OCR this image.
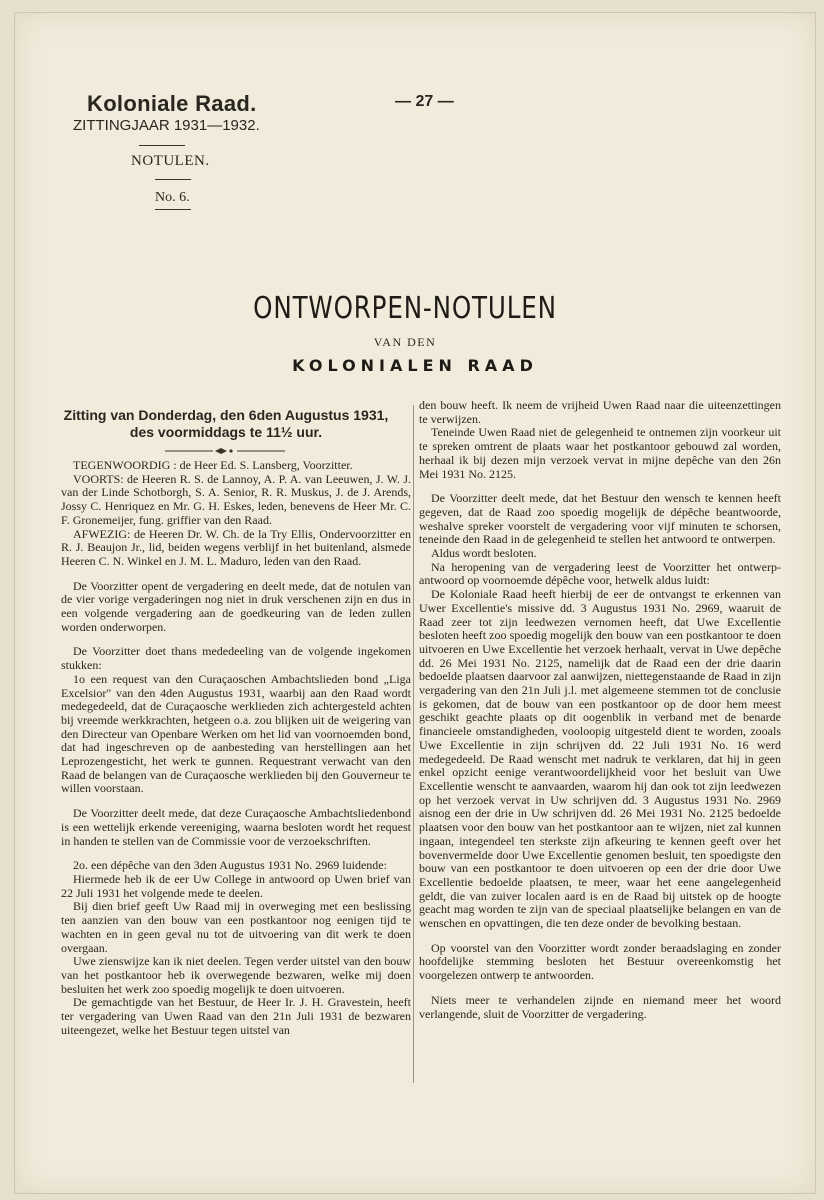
Koloniale Raad.
ZITTINGJAAR 1931—1932.
— 27 —
NOTULEN.
No. 6.
ONTWORPEN-NOTULEN
VAN DEN
KOLONIALEN RAAD
Zitting van Donderdag, den 6den Augustus 1931,
des voormiddags te 11½ uur.

TEGENWOORDIG : de Heer Ed. S. Lansberg, Voorzitter.

VOORTS: de Heeren R. S. de Lannoy, A. P. A. van Leeuwen, J. W. J. van der Linde Schotborgh, S. A. Senior, R. R. Muskus, J. de J. Arends, Jossy C. Henriquez en Mr. G. H. Eskes, leden, benevens de Heer Mr. C. F. Gronemeijer, fung. griffier van den Raad.

AFWEZIG: de Heeren Dr. W. Ch. de la Try Ellis, Ondervoorzitter en R. J. Beaujon Jr., lid, beiden wegens verblijf in het buitenland, alsmede Heeren C. N. Winkel en J. M. L. Maduro, leden van den Raad.

De Voorzitter opent de vergadering en deelt mede, dat de notulen van de vier vorige vergaderingen nog niet in druk verschenen zijn en dus in een volgende vergadering aan de goedkeuring van de leden zullen worden onderworpen.

De Voorzitter doet thans mededeeling van de volgende ingekomen stukken:

1o een request van den Curaçaoschen Ambachtslieden bond „Liga Excelsior" van den 4den Augustus 1931, waarbij aan den Raad wordt medegedeeld, dat de Curaçaosche werklieden zich achtergesteld achten bij vreemde werkkrachten, hetgeen o.a. zou blijken uit de weigering van den Directeur van Openbare Werken om het lid van voornoemden bond, dat had ingeschreven op de aanbesteding van herstellingen aan het Leprozengesticht, het werk te gunnen. Requestrant verwacht van den Raad de belangen van de Curaçaosche werklieden bij den Gouverneur te willen voorstaan.

De Voorzitter deelt mede, dat deze Curaçaosche Ambachtsliedenbond is een wettelijk erkende vereeniging, waarna besloten wordt het request in handen te stellen van de Commissie voor de verzoekschriften.

2o. een dépêche van den 3den Augustus 1931 No. 2969 luidende:

Hiermede heb ik de eer Uw College in antwoord op Uwen brief van 22 Juli 1931 het volgende mede te deelen.

Bij dien brief geeft Uw Raad mij in overweging met een beslissing ten aanzien van den bouw van een postkantoor nog eenigen tijd te wachten en in geen geval nu tot de uitvoering van dit werk te doen overgaan.

Uwe zienswijze kan ik niet deelen. Tegen verder uitstel van den bouw van het postkantoor heb ik overwegende bezwaren, welke mij doen besluiten het werk zoo spoedig mogelijk te doen uitvoeren.

De gemachtigde van het Bestuur, de Heer Ir. J. H. Gravestein, heeft ter vergadering van Uwen Raad van den 21n Juli 1931 de bezwaren uiteengezet, welke het Bestuur tegen uitstel van

den bouw heeft. Ik neem de vrijheid Uwen Raad naar die uiteenzettingen te verwijzen.

Teneinde Uwen Raad niet de gelegenheid te ontnemen zijn voorkeur uit te spreken omtrent de plaats waar het postkantoor gebouwd zal worden, herhaal ik bij dezen mijn verzoek vervat in mijne depêche van den 26n Mei 1931 No. 2125.

De Voorzitter deelt mede, dat het Bestuur den wensch te kennen heeft gegeven, dat de Raad zoo spoedig mogelijk de dépêche beantwoorde, weshalve spreker voorstelt de vergadering voor vijf minuten te schorsen, teneinde den Raad in de gelegenheid te stellen het antwoord te ontwerpen.

Aldus wordt besloten.

Na heropening van de vergadering leest de Voorzitter het ontwerp-antwoord op voornoemde dépêche voor, hetwelk aldus luidt:

De Koloniale Raad heeft hierbij de eer de ontvangst te erkennen van Uwer Excellentie's missive dd. 3 Augustus 1931 No. 2969, waaruit de Raad zeer tot zijn leedwezen vernomen heeft, dat Uwe Excellentie besloten heeft zoo spoedig mogelijk den bouw van een postkantoor te doen uitvoeren en Uwe Excellentie het verzoek herhaalt, vervat in Uwe depêche dd. 26 Mei 1931 No. 2125, namelijk dat de Raad een der drie daarin bedoelde plaatsen daarvoor zal aanwijzen, niettegenstaande de Raad in zijn vergadering van den 21n Juli j.l. met algemeene stemmen tot de conclusie is gekomen, dat de bouw van een postkantoor op de door hem meest geschikt geachte plaats op dit oogenblik in verband met de benarde financieele omstandigheden, vooloopig uitgesteld dient te worden, zooals Uwe Excellentie in zijn schrijven dd. 22 Juli 1931 No. 16 werd medegedeeld. De Raad wenscht met nadruk te verklaren, dat hij in geen enkel opzicht eenige verantwoordelijkheid voor het besluit van Uwe Excellentie wenscht te aanvaarden, waarom hij dan ook tot zijn leedwezen op het verzoek vervat in Uw schrijven dd. 3 Augustus 1931 No. 2969 aisnog een der drie in Uw schrijven dd. 26 Mei 1931 No. 2125 bedoelde plaatsen voor den bouw van het postkantoor aan te wijzen, niet zal kunnen ingaan, integendeel ten sterkste zijn afkeuring te kennen geeft over het bovenvermelde door Uwe Excellentie genomen besluit, ten spoedigste den bouw van een postkantoor te doen uitvoeren op een der drie door Uwe Excellentie bedoelde plaatsen, te meer, waar het eene aangelegenheid geldt, die van zuiver localen aard is en de Raad bij uitstek op de hoogte geacht mag worden te zijn van de speciaal plaatselijke belangen en van de wenschen en opvattingen, die ten deze onder de bevolking bestaan.

Op voorstel van den Voorzitter wordt zonder beraadslaging en zonder hoofdelijke stemming besloten het Bestuur overeenkomstig het voorgelezen ontwerp te antwoorden.

Niets meer te verhandelen zijnde en niemand meer het woord verlangende, sluit de Voorzitter de vergadering.
